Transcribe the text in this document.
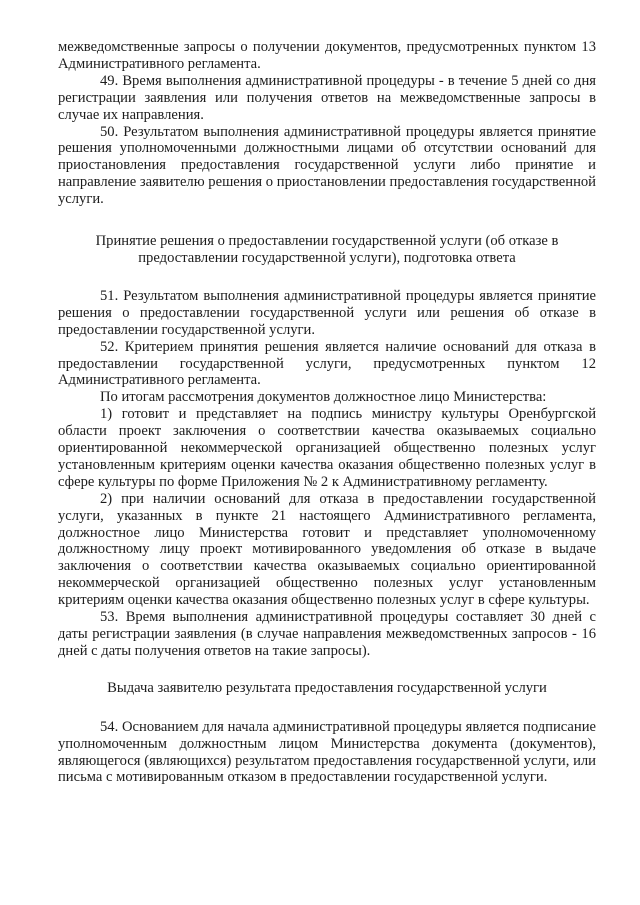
межведомственные запросы о получении документов, предусмотренных пунктом 13 Административного регламента.

49. Время выполнения административной процедуры - в течение 5 дней со дня регистрации заявления или получения ответов на межведомственные запросы в случае их направления.

50. Результатом выполнения административной процедуры является принятие решения уполномоченными должностными лицами об отсутствии оснований для приостановления предоставления государственной услуги либо принятие и направление заявителю решения о приостановлении предоставления государственной услуги.

Принятие решения о предоставлении государственной услуги (об отказе в предоставлении государственной услуги), подготовка ответа

51. Результатом выполнения административной процедуры является принятие решения о предоставлении государственной услуги или решения об отказе в предоставлении государственной услуги.

52. Критерием принятия решения является наличие оснований для отказа в предоставлении государственной услуги, предусмотренных пунктом 12 Административного регламента.

По итогам рассмотрения документов должностное лицо Министерства:

1) готовит и представляет на подпись министру культуры Оренбургской области проект заключения о соответствии качества оказываемых социально ориентированной некоммерческой организацией общественно полезных услуг установленным критериям оценки качества оказания общественно полезных услуг в сфере культуры по форме Приложения № 2 к Административному регламенту.

2) при наличии оснований для отказа в предоставлении государственной услуги, указанных в пункте 21 настоящего Административного регламента, должностное лицо Министерства готовит и представляет уполномоченному должностному лицу проект мотивированного уведомления об отказе в выдаче заключения о соответствии качества оказываемых социально ориентированной некоммерческой организацией общественно полезных услуг установленным критериям оценки качества оказания общественно полезных услуг в сфере культуры.

53. Время выполнения административной процедуры составляет 30 дней с даты регистрации заявления (в случае направления межведомственных запросов - 16 дней с даты получения ответов на такие запросы).

Выдача заявителю результата предоставления государственной услуги

54. Основанием для начала административной процедуры является подписание уполномоченным должностным лицом Министерства документа (документов), являющегося (являющихся) результатом предоставления государственной услуги, или письма с мотивированным отказом в предоставлении государственной услуги.
